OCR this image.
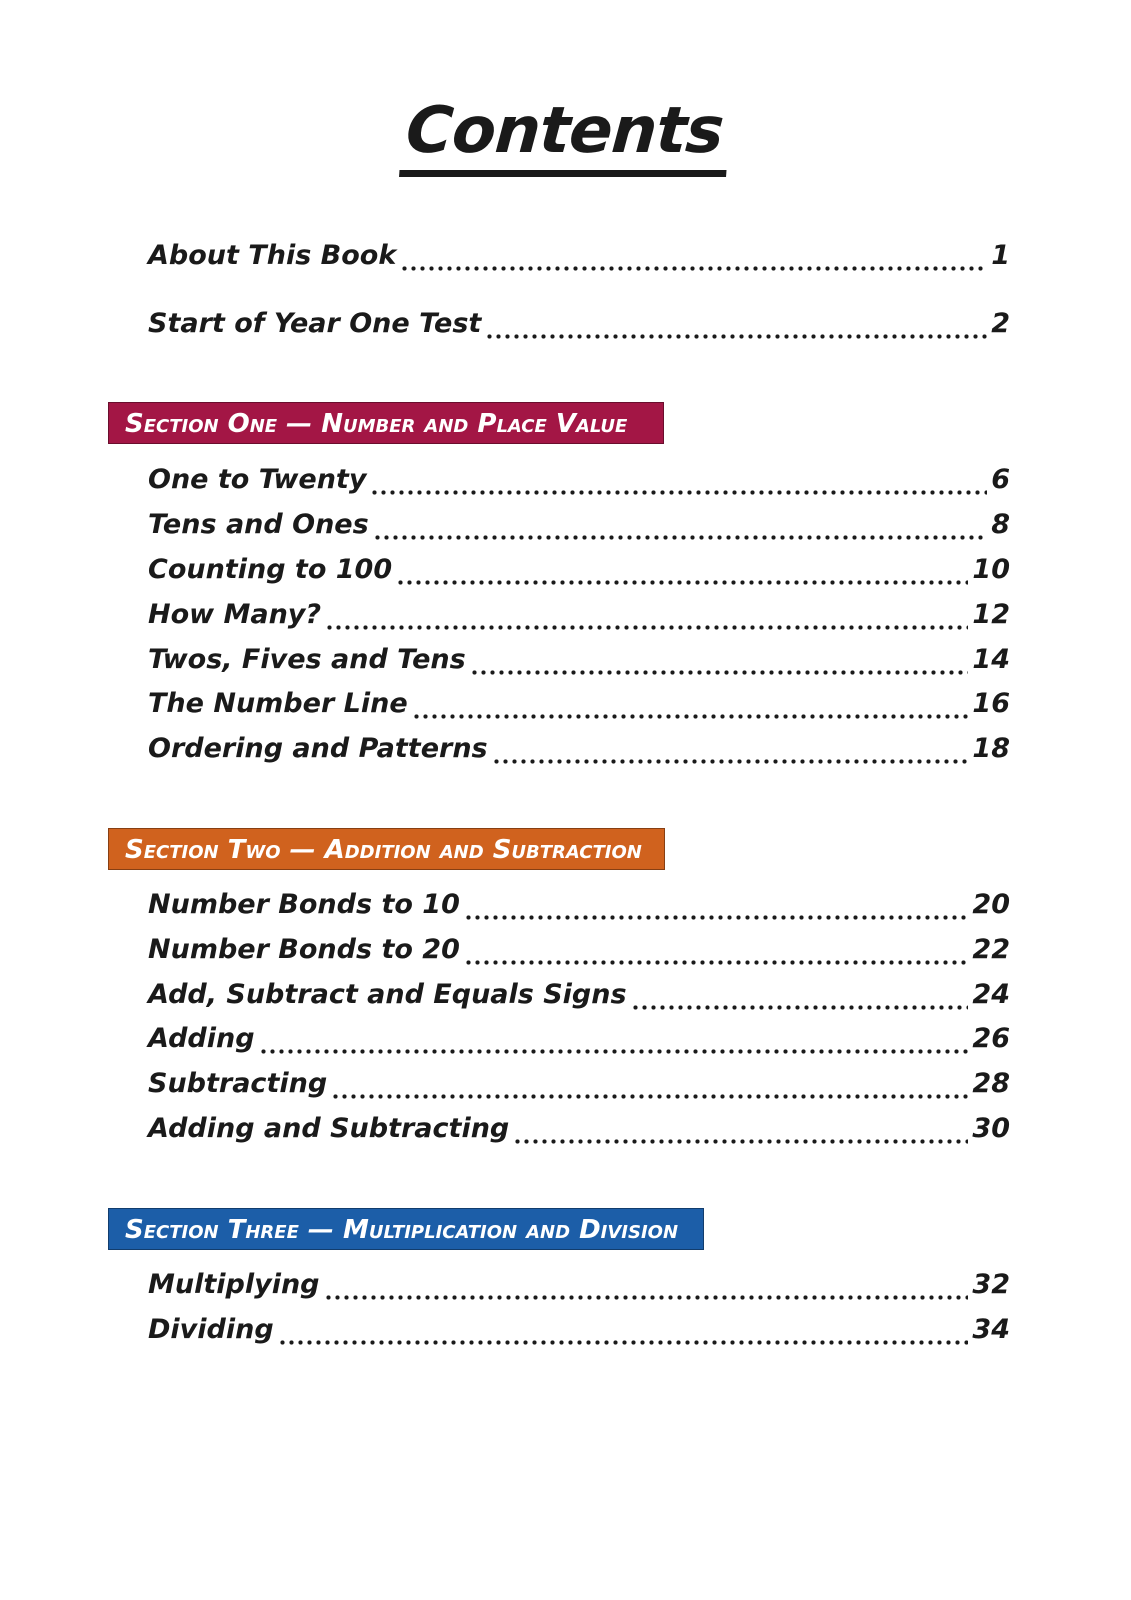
Contents
About This Book	1
Start of Year One Test	2
Section One — Number and Place Value
One to Twenty	6
Tens and Ones	8
Counting to 100	10
How Many?	12
Twos, Fives and Tens	14
The Number Line	16
Ordering and Patterns	18
Section Two — Addition and Subtraction
Number Bonds to 10	20
Number Bonds to 20	22
Add, Subtract and Equals Signs	24
Adding	26
Subtracting	28
Adding and Subtracting	30
Section Three — Multiplication and Division
Multiplying	32
Dividing	34
